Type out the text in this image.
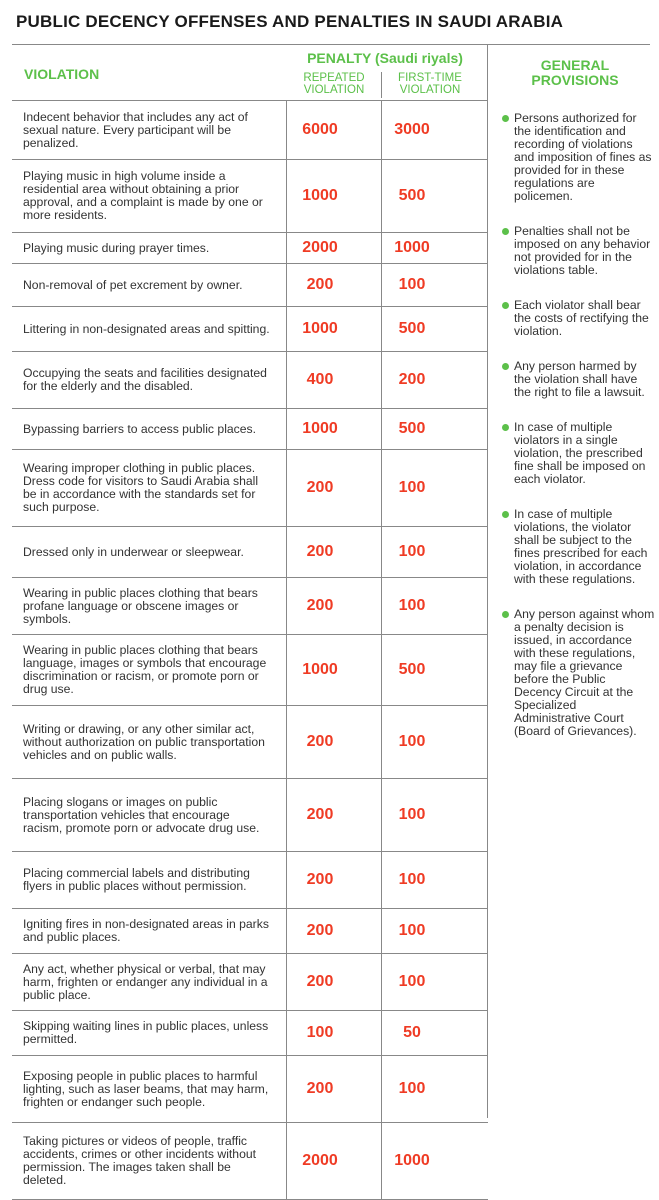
PUBLIC DECENCY OFFENSES AND PENALTIES IN SAUDI ARABIA
VIOLATION
PENALTY (Saudi riyals)
REPEATED VIOLATION
FIRST-TIME VIOLATION
GENERAL PROVISIONS
Indecent behavior that includes any act of sexual nature. Every participant will be penalized.
6000	3000
Playing music in high volume inside a residential area without obtaining a prior approval, and a complaint is made by one or more residents.
1000	500
Playing music during prayer times.	2000	1000
Non-removal of pet excrement by owner.	200	100
Littering in non-designated areas and spitting.	1000	500
Occupying the seats and facilities designated for the elderly and the disabled.	400	200
Bypassing barriers to access public places.	1000	500
Wearing improper clothing in public places. Dress code for visitors to Saudi Arabia shall be in accordance with the standards set for such purpose.
200	100
Dressed only in underwear or sleepwear.	200	100
Wearing in public places clothing that bears profane language or obscene images or symbols.
200	100
Wearing in public places clothing that bears language, images or symbols that encourage discrimination or racism, or promote porn or drug use.
1000	500
Writing or drawing, or any other similar act, without authorization on public transportation vehicles and on public walls.
200	100
Placing slogans or images on public transportation vehicles that encourage racism, promote porn or advocate drug use.
200	100
Placing commercial labels and distributing flyers in public places without permission.	200	100
Igniting fires in non-designated areas in parks and public places.	200	100
Any act, whether physical or verbal, that may harm, frighten or endanger any individual in a public place.
200	100
Skipping waiting lines in public places, unless permitted.	100	50
Exposing people in public places to harmful lighting, such as laser beams, that may harm, frighten or endanger such people.
200	100
Taking pictures or videos of people, traffic accidents, crimes or other incidents without permission. The images taken shall be deleted.
2000	1000
Persons authorized for the identification and recording of violations and imposition of fines as provided for in these regulations are policemen.
Penalties shall not be imposed on any behavior not provided for in the violations table.
Each violator shall bear the costs of rectifying the violation.
Any person harmed by the violation shall have the right to file a lawsuit.
In case of multiple violators in a single violation, the prescribed fine shall be imposed on each violator.
In case of multiple violations, the violator shall be subject to the fines prescribed for each violation, in accordance with these regulations.
Any person against whom a penalty decision is issued, in accordance with these regulations, may file a grievance before the Public Decency Circuit at the Specialized Administrative Court (Board of Grievances).
